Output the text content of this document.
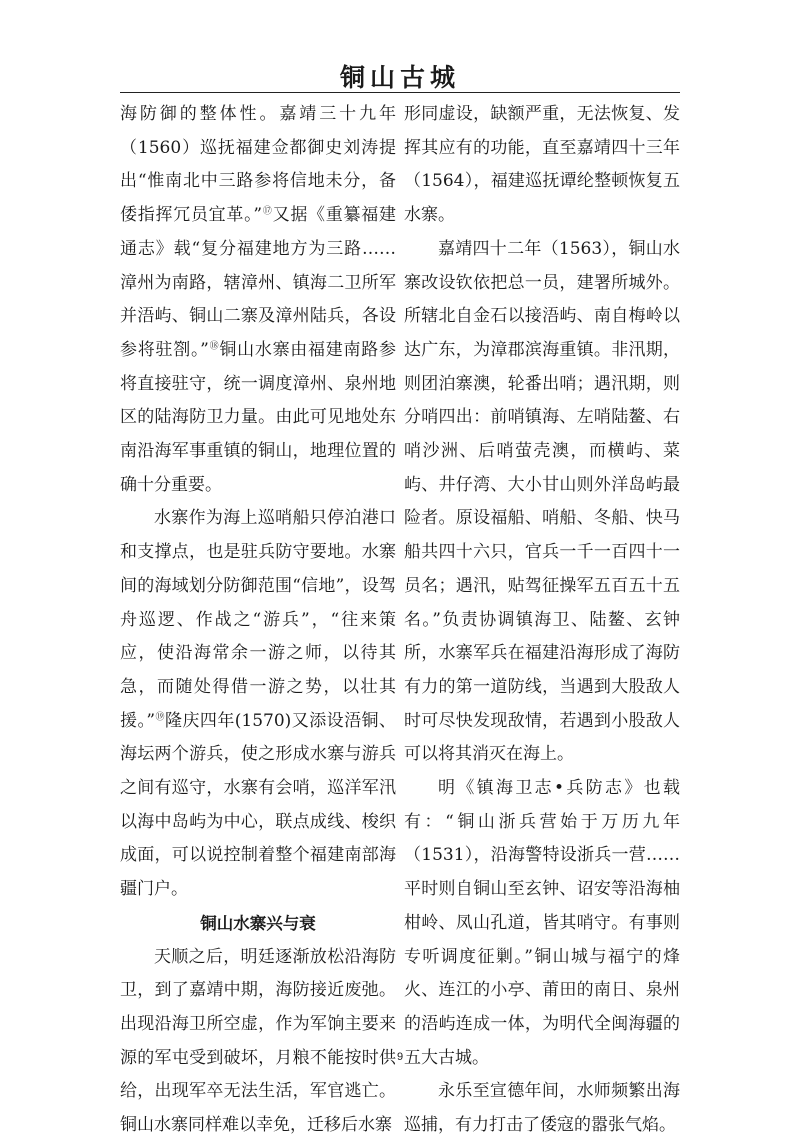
铜山古城

海防御的整体性。嘉靖三十九年（1560）巡抚福建佥都御史刘涛提出“惟南北中三路参将信地未分，备倭指挥冗员宜革。”⑰又据《重纂福建通志》载“复分福建地方为三路……漳州为南路，辖漳州、镇海二卫所军并浯屿、铜山二寨及漳州陆兵，各设参将驻劄。”⑱铜山水寨由福建南路参将直接驻守，统一调度漳州、泉州地区的陆海防卫力量。由此可见地处东南沿海军事重镇的铜山，地理位置的确十分重要。

水寨作为海上巡哨船只停泊港口和支撑点，也是驻兵防守要地。水寨间的海域划分防御范围“信地”，设驾舟巡逻、作战之“游兵”，“往来策应，使沿海常余一游之师，以待其急，而随处得借一游之势，以壮其援。”⑲隆庆四年(1570)又添设浯铜、海坛两个游兵，使之形成水寨与游兵之间有巡守，水寨有会哨，巡洋军汛以海中岛屿为中心，联点成线、梭织成面，可以说控制着整个福建南部海疆门户。

铜山水寨兴与衰

天顺之后，明廷逐渐放松沿海防卫，到了嘉靖中期，海防接近废弛。出现沿海卫所空虚，作为军饷主要来源的军屯受到破坏，月粮不能按时供给，出现军卒无法生活，军官逃亡。铜山水寨同样难以幸免，迁移后水寨

形同虚设，缺额严重，无法恢复、发挥其应有的功能，直至嘉靖四十三年（1564），福建巡抚谭纶整顿恢复五水寨。

嘉靖四十二年（1563），铜山水寨改设钦依把总一员，建署所城外。所辖北自金石以接浯屿、南自梅岭以达广东，为漳郡滨海重镇。非汛期，则团泊寨澳，轮番出哨；遇汛期，则分哨四出：前哨镇海、左哨陆鳌、右哨沙洲、后哨萤壳澳，而横屿、菜屿、井仔湾、大小甘山则外洋岛屿最险者。原设福船、哨船、冬船、快马船共四十六只，官兵一千一百四十一员名；遇汛，贴驾征操军五百五十五名。”负责协调镇海卫、陆鳌、玄钟所，水寨军兵在福建沿海形成了海防有力的第一道防线，当遇到大股敌人时可尽快发现敌情，若遇到小股敌人可以将其消灭在海上。

明《镇海卫志•兵防志》也载有：“铜山浙兵营始于万历九年（1531），沿海警特设浙兵一营……平时则自铜山至玄钟、诏安等沿海柚柑岭、凤山孔道，皆其哨守。有事则专听调度征剿。”铜山城与福宁的烽火、连江的小亭、莆田的南日、泉州的浯屿连成一体，为明代全闽海疆的五大古城。

永乐至宣德年间，水师频繁出海巡捕，有力打击了倭寇的嚣张气焰。

9
